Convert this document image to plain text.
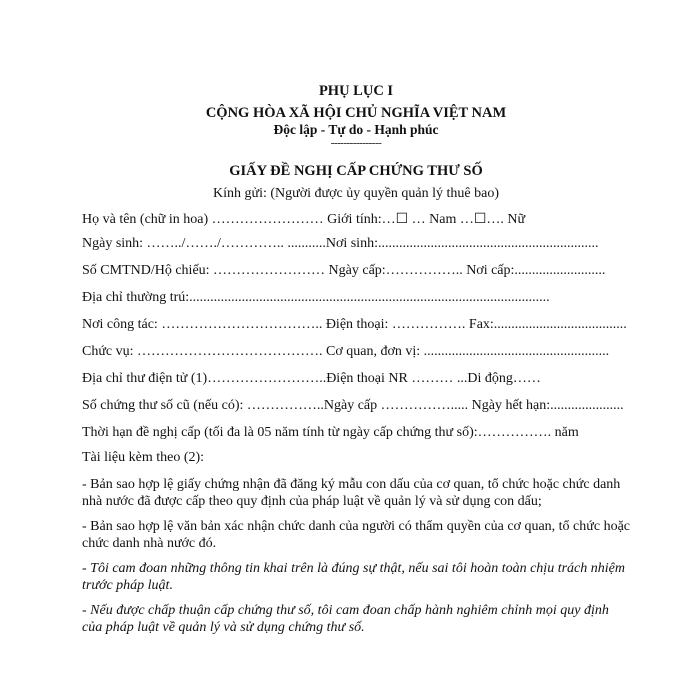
PHỤ LỤC I
CỘNG HÒA XÃ HỘI CHỦ NGHĨA VIỆT NAM
Độc lập - Tự do - Hạnh phúc
----------------
GIẤY ĐỀ NGHỊ CẤP CHỨNG THƯ SỐ
Kính gửi: (Người được ủy quyền quản lý thuê bao)
Họ và tên (chữ in hoa) …………………… Giới tính:…☐ … Nam …☐…. Nữ
Ngày sinh: ……../……./………….. ...........Nơi sinh:...............................................................
Số CMTND/Hộ chiếu: …………………… Ngày cấp:…………….. Nơi cấp:..........................
Địa chỉ thường trú:.......................................................................................................
Nơi công tác: …………………………….. Điện thoại: ……………. Fax:......................................
Chức vụ: …………………………………. Cơ quan, đơn vị: .....................................................
Địa chỉ thư điện tử (1)……………………..Điện thoại NR ……… ...Di động……
Số chứng thư số cũ (nếu có): ……………..Ngày cấp ……………..... Ngày hết hạn:.....................
Thời hạn đề nghị cấp (tối đa là 05 năm tính từ ngày cấp chứng thư số):……………. năm
Tài liệu kèm theo (2):
- Bản sao hợp lệ giấy chứng nhận đã đăng ký mẫu con dấu của cơ quan, tổ chức hoặc chức danh nhà nước đã được cấp theo quy định của pháp luật về quản lý và sử dụng con dấu;
- Bản sao hợp lệ văn bản xác nhận chức danh của người có thẩm quyền của cơ quan, tổ chức hoặc chức danh nhà nước đó.
- Tôi cam đoan những thông tin khai trên là đúng sự thật, nếu sai tôi hoàn toàn chịu trách nhiệm trước pháp luật.
- Nếu được chấp thuận cấp chứng thư số, tôi cam đoan chấp hành nghiêm chỉnh mọi quy định của pháp luật về quản lý và sử dụng chứng thư số.
